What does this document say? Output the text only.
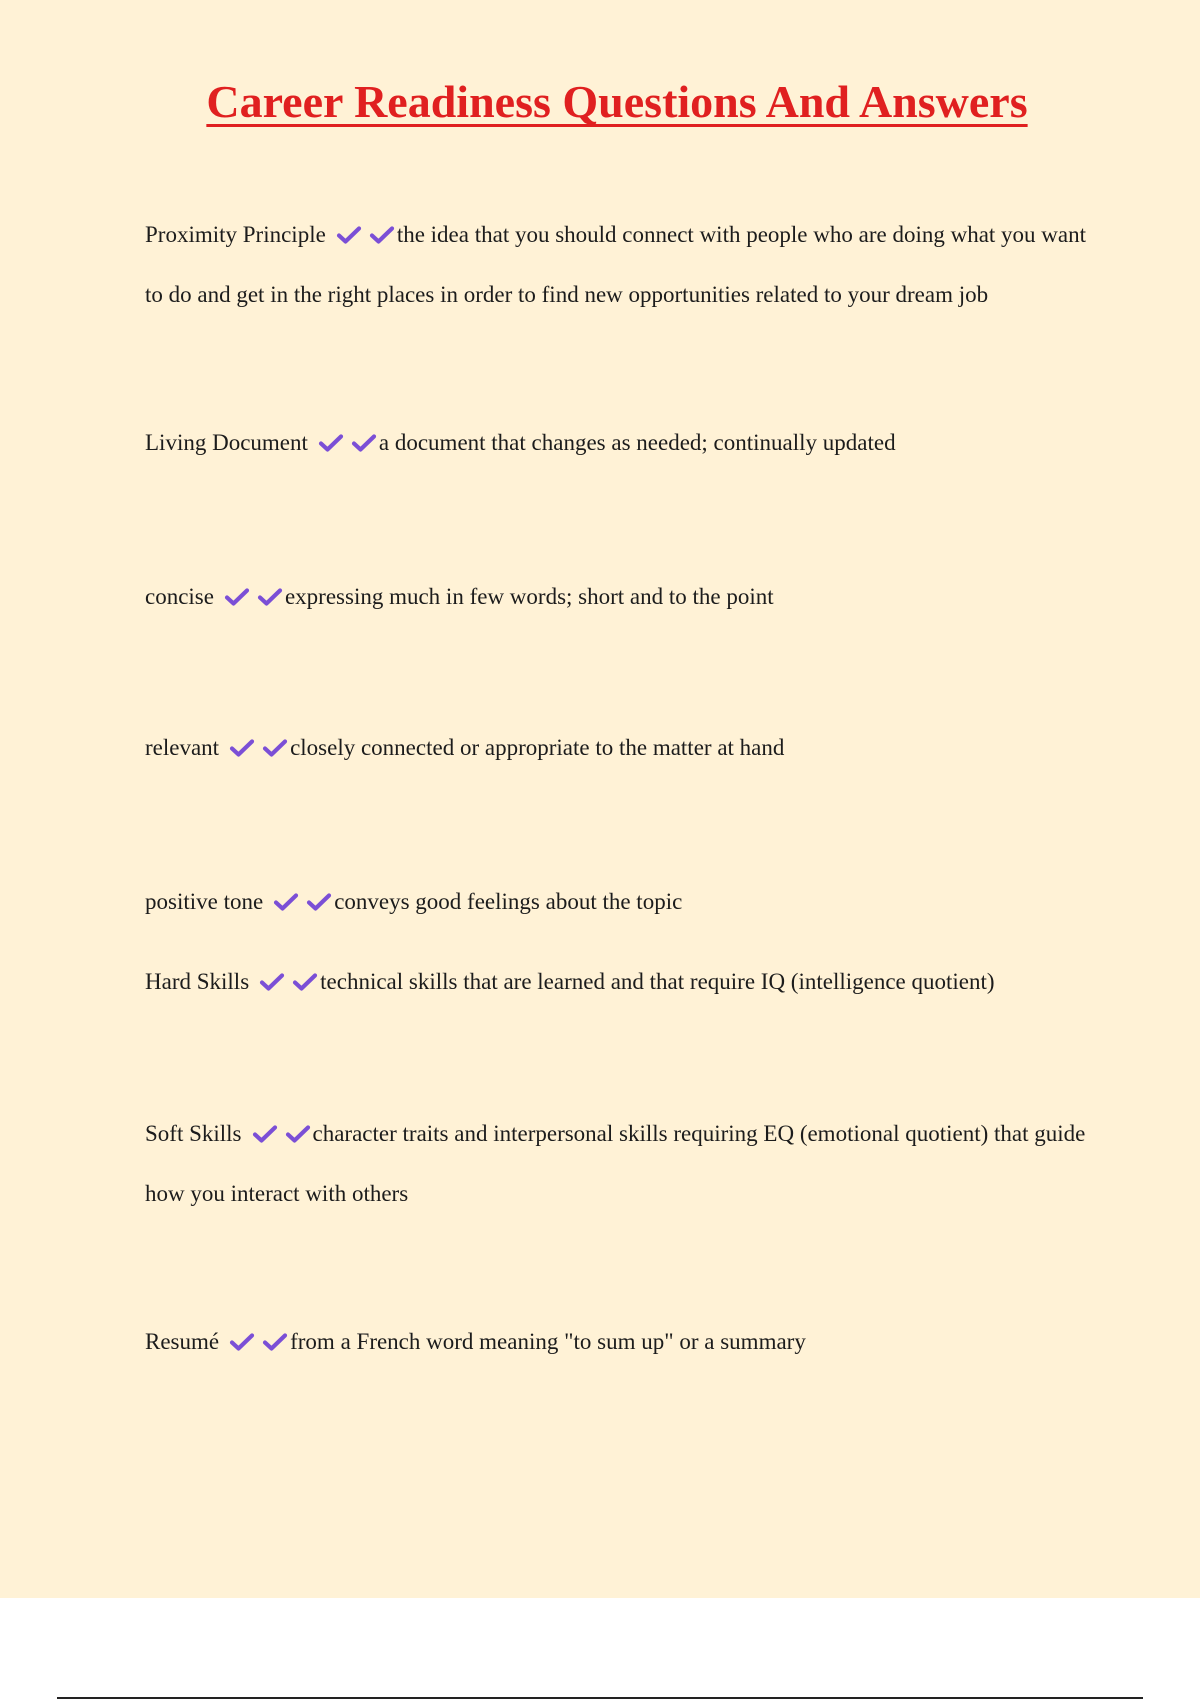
Career Readiness Questions And Answers
Proximity Principle	the idea that you should connect with people who are doing what you want to do and get in the right places in order to find new opportunities related to your dream job
Living Document	a document that changes as needed; continually updated
concise	expressing much in few words; short and to the point
relevant	closely connected or appropriate to the matter at hand
positive tone	conveys good feelings about the topic
Hard Skills	technical skills that are learned and that require IQ (intelligence quotient)
Soft Skills	character traits and interpersonal skills requiring EQ (emotional quotient) that guide how you interact with others
Resumé	from a French word meaning "to sum up" or a summary
